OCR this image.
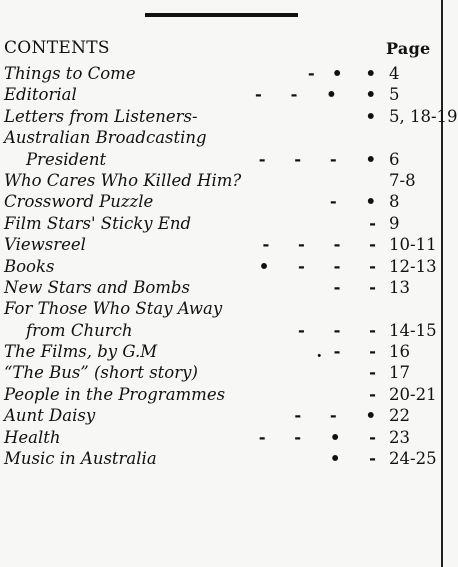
CONTENTS	Page
Things to Come	-   •    • 4
Editorial	-     -     •     • 5
Letters from Listeners-	• 5, 18-19
Australian Broadcasting
President	-     -     -     • 6
Who Cares Who Killed Him?	7-8
Crossword Puzzle	-     • 8
Film Stars' Sticky End	- 9
Viewsreel	-     -     -     - 10-11
Books	•     -     -     - 12-13
New Stars and Bombs	-     - 13
For Those Who Stay Away
from Church	-     -     - 14-15
The Films, by G.M	.  -     - 16
“The Bus” (short story)	- 17
People in the Programmes	- 20-21
Aunt Daisy	-     -     • 22
Health	-     -     •     - 23
Music in Australia	•     - 24-25
